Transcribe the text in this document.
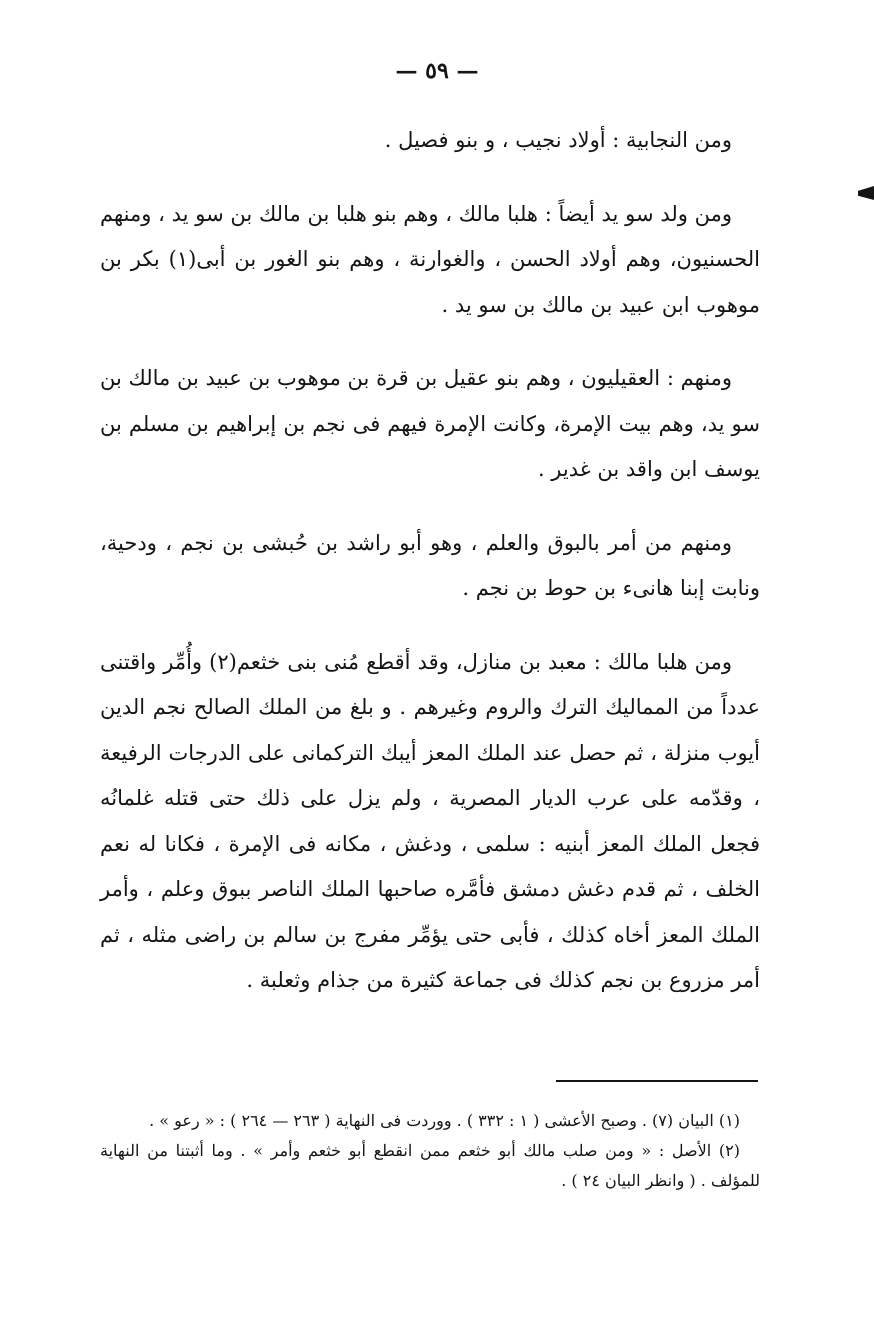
— ٥٩ —

ومن النجابية : أولاد نجيب ، و بنو فصيل .

ومن ولد سو يد أيضاً : هلبا مالك ، وهم بنو هلبا بن مالك بن سو يد ، ومنهم الحسنيون، وهم أولاد الحسن ، والغوارنة ، وهم بنو الغور بن أبى(١) بكر بن موهوب ابن عبيد بن مالك بن سو يد .

ومنهم : العقيليون ، وهم بنو عقيل بن قرة بن موهوب بن عبيد بن مالك بن سو يد، وهم بيت الإمرة، وكانت الإمرة فيهم فى نجم بن إبراهيم بن مسلم بن يوسف ابن واقد بن غدير .

ومنهم من أمر بالبوق والعلم ، وهو أبو راشد بن حُبشى بن نجم ، ودحية، ونابت إبنا هانىء بن حوط بن نجم .

ومن هلبا مالك : معبد بن منازل، وقد أقطع مُنى بنى خثعم(٢) وأُمِّر واقتنى عدداً من المماليك الترك والروم وغيرهم . و بلغ من الملك الصالح نجم الدين أيوب منزلة ، ثم حصل عند الملك المعز أيبك التركمانى على الدرجات الرفيعة ، وقدّمه على عرب الديار المصرية ، ولم يزل على ذلك حتى قتله غلمانُه فجعل الملك المعز أبنيه : سلمى ، ودغش ، مكانه فى الإمرة ، فكانا له نعم الخلف ، ثم قدم دغش دمشق فأمَّره صاحبها الملك الناصر ببوق وعلم ، وأمر الملك المعز أخاه كذلك ، فأبى حتى يؤمِّر مفرج بن سالم بن راضى مثله ، ثم أمر مزروع بن نجم كذلك فى جماعة كثيرة من جذام وثعلبة .

(١) البيان (٧) . وصبح الأعشى ( ١ : ٣٣٢ ) . ووردت فى النهاية ( ٢٦٣ — ٢٦٤ ) : « رعو » .

(٢) الأصل : « ومن صلب مالك أبو خثعم ممن انقطع أبو خثعم وأمر » . وما أثبتنا من النهاية للمؤلف . ( وانظر البيان ٢٤ ) .
